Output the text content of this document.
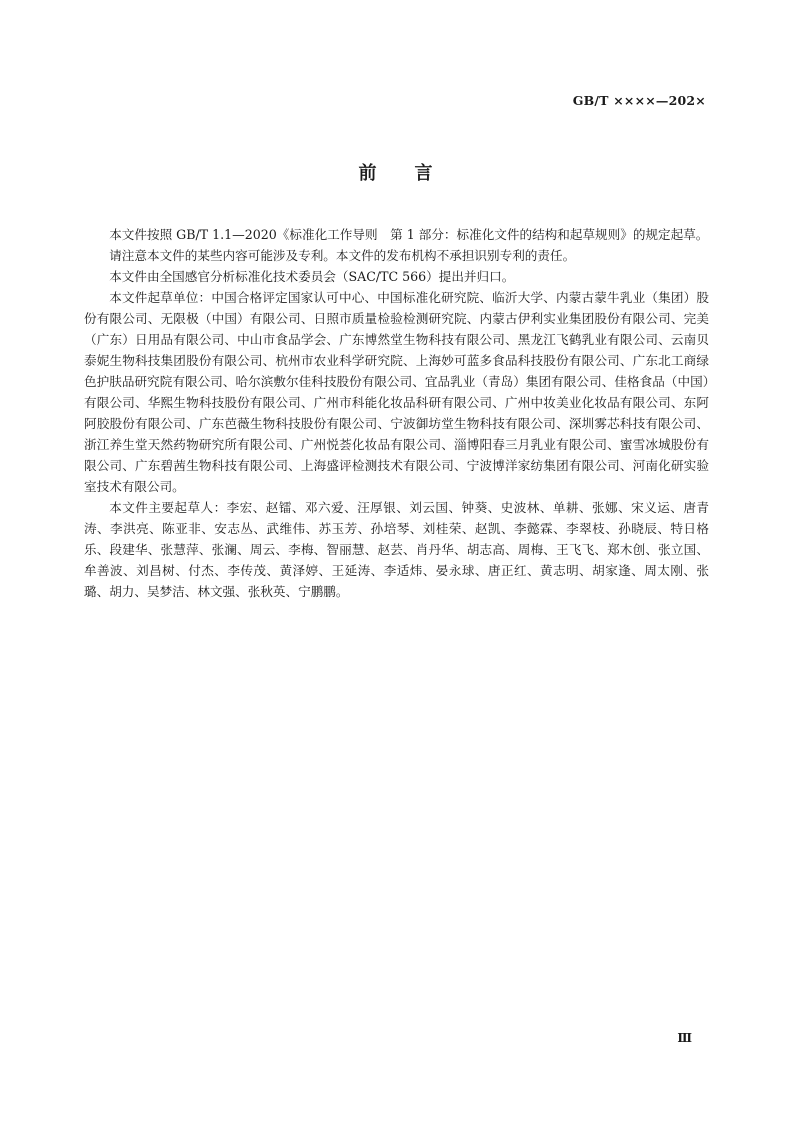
GB/T ××××—202×
前 言

本文件按照 GB/T 1.1—2020《标准化工作导则　第 1 部分：标准化文件的结构和起草规则》的规定起草。

请注意本文件的某些内容可能涉及专利。本文件的发布机构不承担识别专利的责任。

本文件由全国感官分析标准化技术委员会（SAC/TC 566）提出并归口。

本文件起草单位：中国合格评定国家认可中心、中国标准化研究院、临沂大学、内蒙古蒙牛乳业（集团）股份有限公司、无限极（中国）有限公司、日照市质量检验检测研究院、内蒙古伊利实业集团股份有限公司、完美（广东）日用品有限公司、中山市食品学会、广东博然堂生物科技有限公司、黑龙江飞鹤乳业有限公司、云南贝泰妮生物科技集团股份有限公司、杭州市农业科学研究院、上海妙可蓝多食品科技股份有限公司、广东北工商绿色护肤品研究院有限公司、哈尔滨敷尔佳科技股份有限公司、宜品乳业（青岛）集团有限公司、佳格食品（中国）有限公司、华熙生物科技股份有限公司、广州市科能化妆品科研有限公司、广州中妆美业化妆品有限公司、东阿阿胶股份有限公司、广东芭薇生物科技股份有限公司、宁波御坊堂生物科技有限公司、深圳雾芯科技有限公司、浙江养生堂天然药物研究所有限公司、广州悦荟化妆品有限公司、淄博阳春三月乳业有限公司、蜜雪冰城股份有限公司、广东碧茜生物科技有限公司、上海盛评检测技术有限公司、宁波博洋家纺集团有限公司、河南化研实验室技术有限公司。

本文件主要起草人：李宏、赵镭、邓六爱、汪厚银、刘云国、钟葵、史波林、单耕、张娜、宋义运、唐青涛、李洪亮、陈亚非、安志丛、武维伟、苏玉芳、孙培琴、刘桂荣、赵凯、李懿霖、李翠枝、孙晓辰、特日格乐、段建华、张慧萍、张澜、周云、李梅、智丽慧、赵芸、肖丹华、胡志高、周梅、王飞飞、郑木创、张立国、牟善波、刘昌树、付杰、李传茂、黄泽婷、王延涛、李适炜、晏永球、唐正红、黄志明、胡家逢、周太刚、张璐、胡力、吴梦洁、林文强、张秋英、宁鹏鹏。

Ⅲ
